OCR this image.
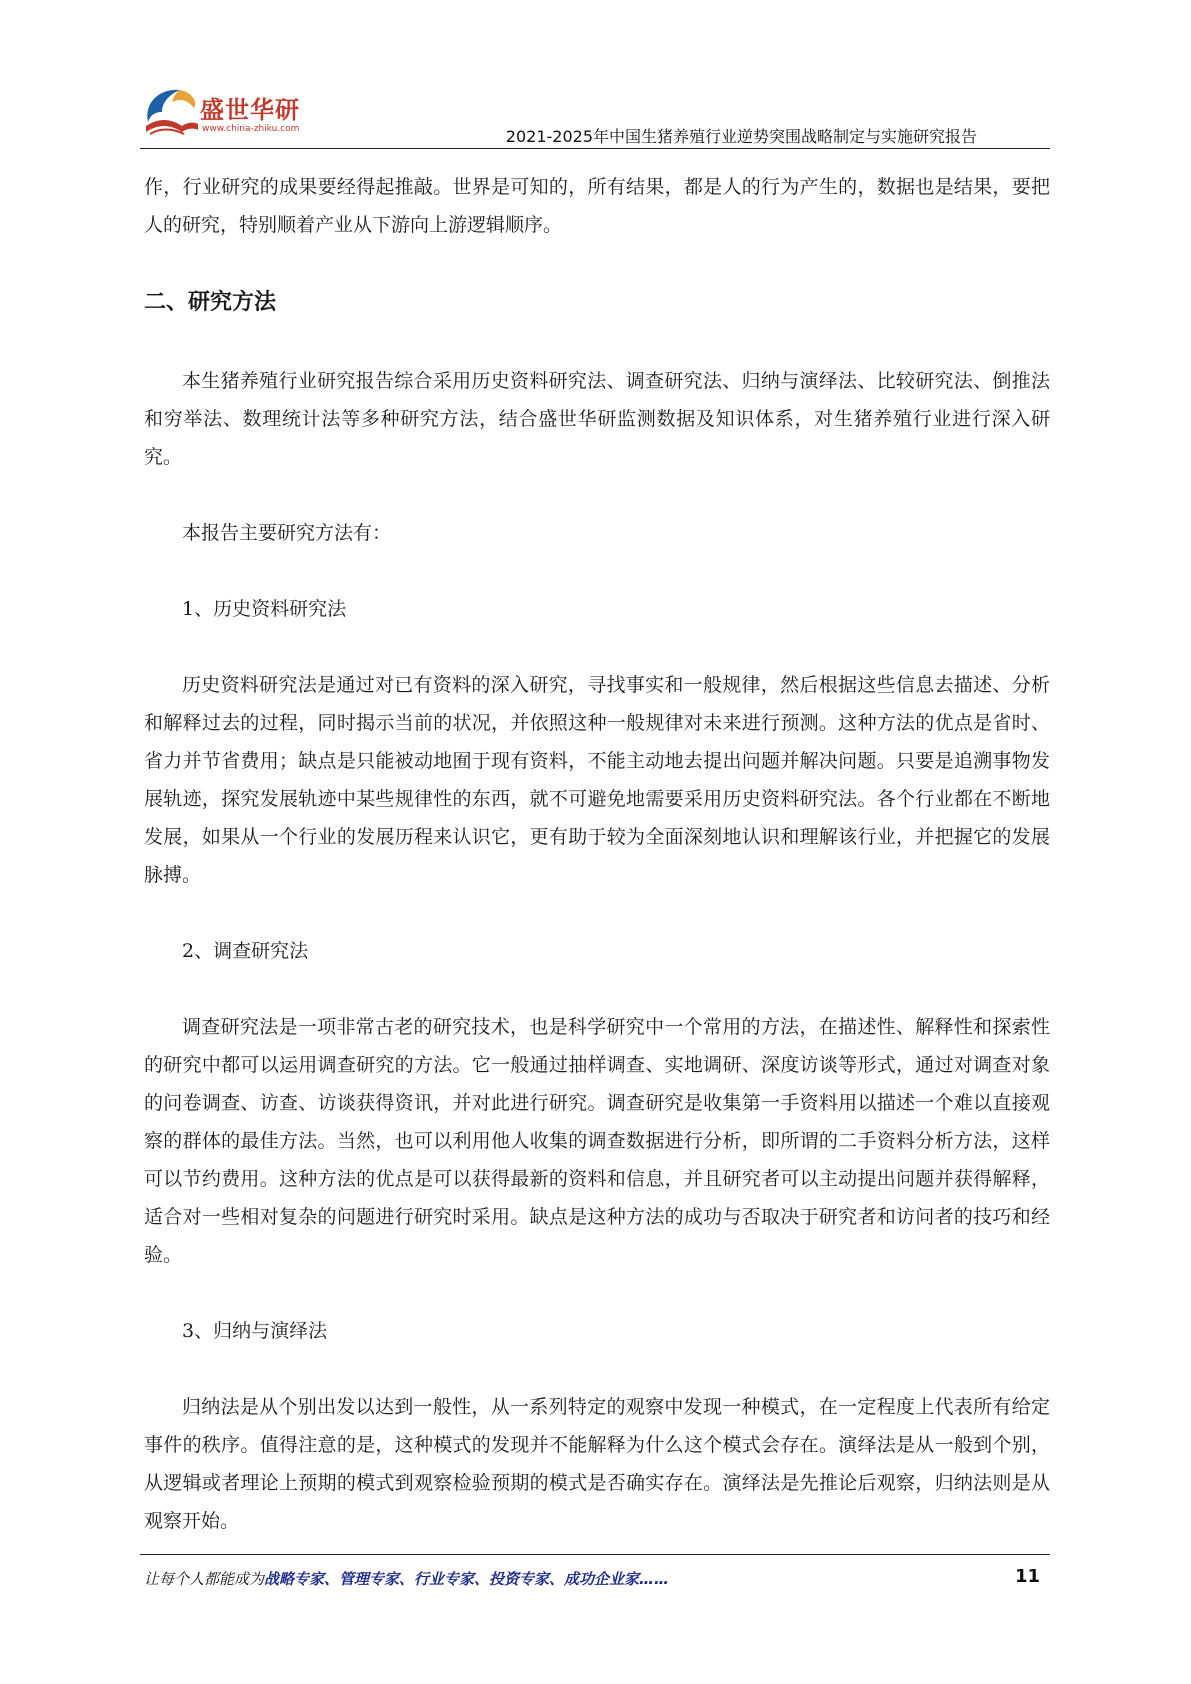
盛世华研
www.china-zhiku.com	2021-2025年中国生猪养殖行业逆势突围战略制定与实施研究报告

作，行业研究的成果要经得起推敲。世界是可知的，所有结果，都是人的行为产生的，数据也是结果，要把人的研究，特别顺着产业从下游向上游逻辑顺序。

二、研究方法

本生猪养殖行业研究报告综合采用历史资料研究法、调查研究法、归纳与演绎法、比较研究法、倒推法和穷举法、数理统计法等多种研究方法，结合盛世华研监测数据及知识体系，对生猪养殖行业进行深入研究。

本报告主要研究方法有：

1、历史资料研究法

历史资料研究法是通过对已有资料的深入研究，寻找事实和一般规律，然后根据这些信息去描述、分析和解释过去的过程，同时揭示当前的状况，并依照这种一般规律对未来进行预测。这种方法的优点是省时、省力并节省费用；缺点是只能被动地囿于现有资料，不能主动地去提出问题并解决问题。只要是追溯事物发展轨迹，探究发展轨迹中某些规律性的东西，就不可避免地需要采用历史资料研究法。各个行业都在不断地发展，如果从一个行业的发展历程来认识它，更有助于较为全面深刻地认识和理解该行业，并把握它的发展脉搏。

2、调查研究法

调查研究法是一项非常古老的研究技术，也是科学研究中一个常用的方法，在描述性、解释性和探索性的研究中都可以运用调查研究的方法。它一般通过抽样调查、实地调研、深度访谈等形式，通过对调查对象的问卷调查、访查、访谈获得资讯，并对此进行研究。调查研究是收集第一手资料用以描述一个难以直接观察的群体的最佳方法。当然，也可以利用他人收集的调查数据进行分析，即所谓的二手资料分析方法，这样可以节约费用。这种方法的优点是可以获得最新的资料和信息，并且研究者可以主动提出问题并获得解释，适合对一些相对复杂的问题进行研究时采用。缺点是这种方法的成功与否取决于研究者和访问者的技巧和经验。

3、归纳与演绎法

归纳法是从个别出发以达到一般性，从一系列特定的观察中发现一种模式，在一定程度上代表所有给定事件的秩序。值得注意的是，这种模式的发现并不能解释为什么这个模式会存在。演绎法是从一般到个别，从逻辑或者理论上预期的模式到观察检验预期的模式是否确实存在。演绎法是先推论后观察，归纳法则是从观察开始。

让每个人都能成为战略专家、管理专家、行业专家、投资专家、成功企业家……	11
